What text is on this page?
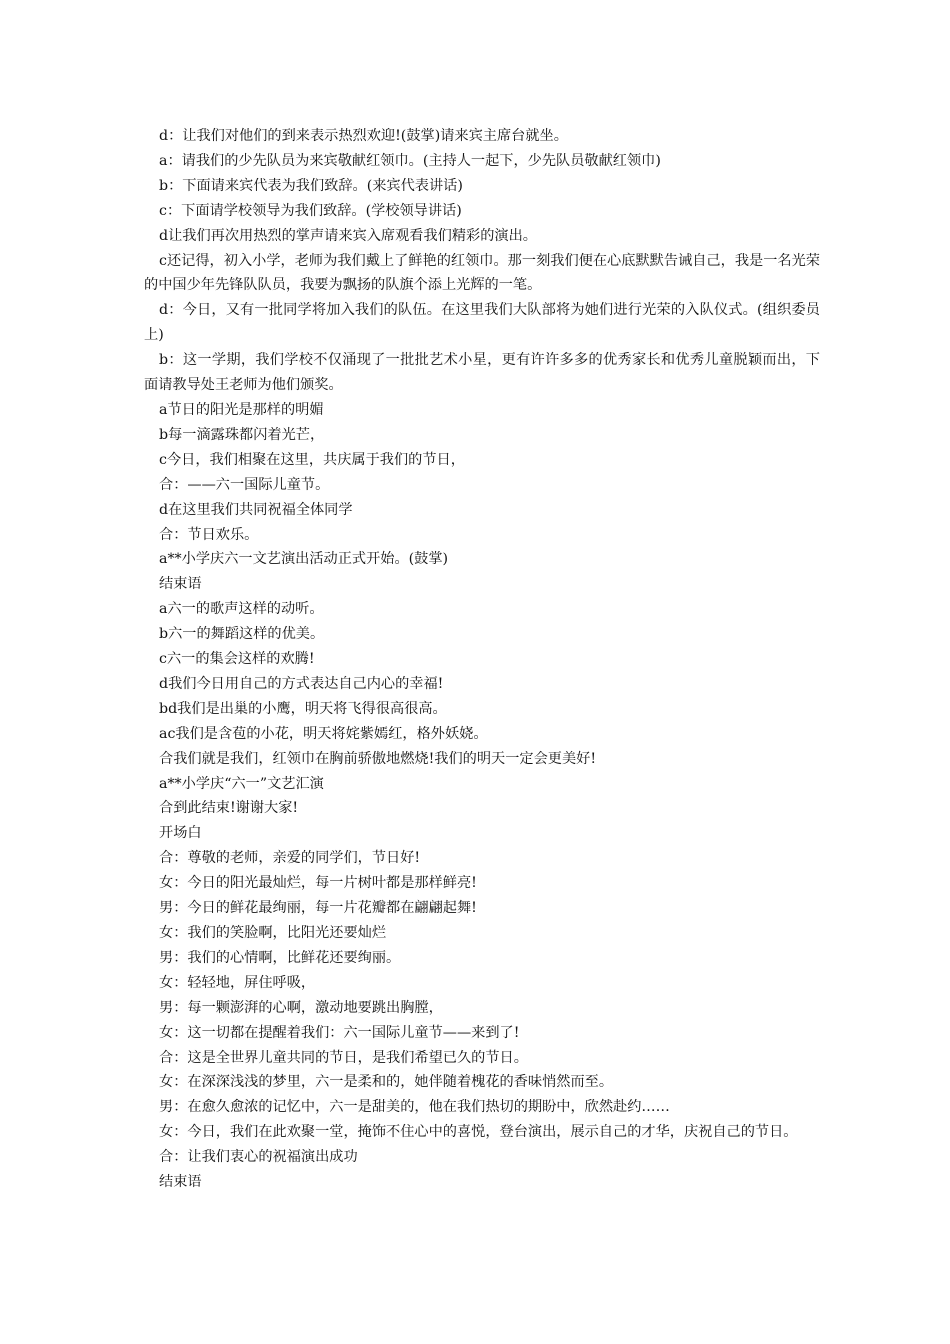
d：让我们对他们的到来表示热烈欢迎!(鼓掌)请来宾主席台就坐。

a：请我们的少先队员为来宾敬献红领巾。(主持人一起下，少先队员敬献红领巾)

b：下面请来宾代表为我们致辞。(来宾代表讲话)

c：下面请学校领导为我们致辞。(学校领导讲话)

d让我们再次用热烈的掌声请来宾入席观看我们精彩的演出。

c还记得，初入小学，老师为我们戴上了鲜艳的红领巾。那一刻我们便在心底默默告诫自己，我是一名光荣的中国少年先锋队队员，我要为飘扬的队旗个添上光辉的一笔。

d：今日，又有一批同学将加入我们的队伍。在这里我们大队部将为她们进行光荣的入队仪式。(组织委员上)

b：这一学期，我们学校不仅涌现了一批批艺术小星，更有许许多多的优秀家长和优秀儿童脱颖而出，下面请教导处王老师为他们颁奖。

a节日的阳光是那样的明媚

b每一滴露珠都闪着光芒，

c今日，我们相聚在这里，共庆属于我们的节日，

合：——六一国际儿童节。

d在这里我们共同祝福全体同学

合：节日欢乐。

a**小学庆六一文艺演出活动正式开始。(鼓掌)

结束语

a六一的歌声这样的动听。

b六一的舞蹈这样的优美。

c六一的集会这样的欢腾!

d我们今日用自己的方式表达自己内心的幸福!

bd我们是出巢的小鹰，明天将飞得很高很高。

ac我们是含苞的小花，明天将姹紫嫣红，格外妖娆。

合我们就是我们，红领巾在胸前骄傲地燃烧!我们的明天一定会更美好!

a**小学庆“六一”文艺汇演

合到此结束!谢谢大家!

开场白

合：尊敬的老师，亲爱的同学们，节日好!

女：今日的阳光最灿烂，每一片树叶都是那样鲜亮!

男：今日的鲜花最绚丽，每一片花瓣都在翩翩起舞!

女：我们的笑脸啊，比阳光还要灿烂

男：我们的心情啊，比鲜花还要绚丽。

女：轻轻地，屏住呼吸，

男：每一颗澎湃的心啊，激动地要跳出胸膛，

女：这一切都在提醒着我们：六一国际儿童节——来到了!

合：这是全世界儿童共同的节日，是我们希望已久的节日。

女：在深深浅浅的梦里，六一是柔和的，她伴随着槐花的香味悄然而至。

男：在愈久愈浓的记忆中，六一是甜美的，他在我们热切的期盼中，欣然赴约……

女：今日，我们在此欢聚一堂，掩饰不住心中的喜悦，登台演出，展示自己的才华，庆祝自己的节日。

合：让我们衷心的祝福演出成功

结束语
